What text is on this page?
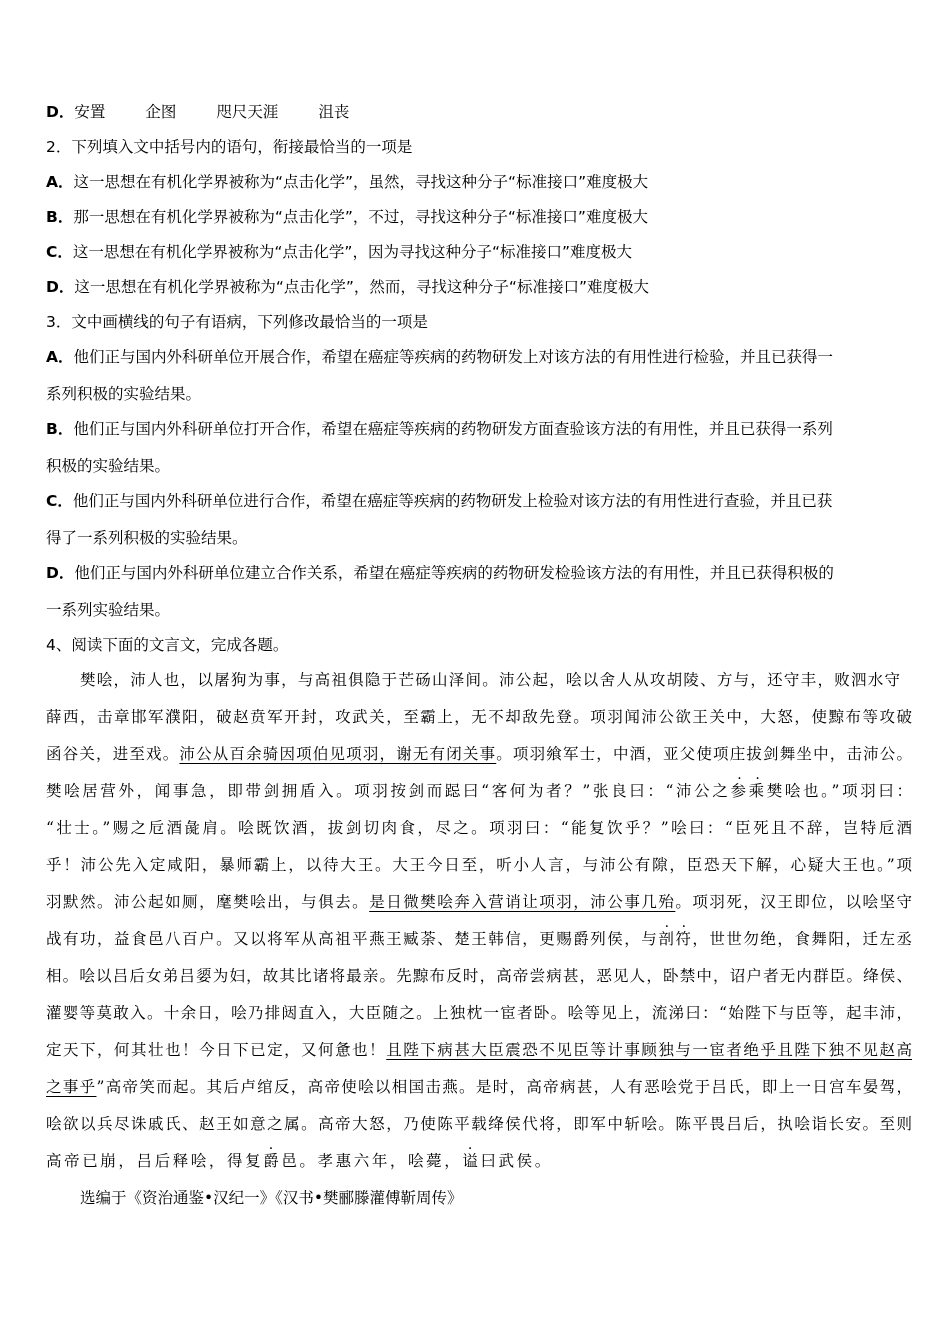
D．安置	企图	咫尺天涯	沮丧
2．下列填入文中括号内的语句，衔接最恰当的一项是
A．这一思想在有机化学界被称为“点击化学”，虽然，寻找这种分子“标准接口”难度极大
B．那一思想在有机化学界被称为“点击化学”，不过，寻找这种分子“标准接口”难度极大
C．这一思想在有机化学界被称为“点击化学”，因为寻找这种分子“标准接口”难度极大
D．这一思想在有机化学界被称为“点击化学”，然而，寻找这种分子“标准接口”难度极大
3．文中画横线的句子有语病，下列修改最恰当的一项是
A．他们正与国内外科研单位开展合作，希望在癌症等疾病的药物研发上对该方法的有用性进行检验，并且已获得一
系列积极的实验结果。
B．他们正与国内外科研单位打开合作，希望在癌症等疾病的药物研发方面查验该方法的有用性，并且已获得一系列
积极的实验结果。
C．他们正与国内外科研单位进行合作，希望在癌症等疾病的药物研发上检验对该方法的有用性进行查验，并且已获
得了一系列积极的实验结果。
D．他们正与国内外科研单位建立合作关系，希望在癌症等疾病的药物研发检验该方法的有用性，并且已获得积极的
一系列实验结果。
4、阅读下面的文言文，完成各题。
樊哙，沛人也，以屠狗为事，与高祖俱隐于芒砀山泽间。沛公起，哙以舍人从攻胡陵、方与，还守丰，败泗水守
薛西，击章邯军濮阳，破赵贲军开封，攻武关，至霸上，无不却敌先登。项羽闻沛公欲王关中，大怒，使黥布等攻破
函谷关，进至戏。沛公从百余骑因项伯见项羽，谢无有闭关事。项羽飨军士，中酒，亚父使项庄拔剑舞坐中，击沛公。
樊哙居营外，闻事急，即带剑拥盾入。项羽按剑而跽曰“客何为者？”张良曰：“沛公之参乘樊哙也。”项羽曰：
“壮士。”赐之卮酒彘肩。哙既饮酒，拔剑切肉食，尽之。项羽曰：“能复饮乎？”哙曰：“臣死且不辞，岂特卮酒
乎！沛公先入定咸阳，暴师霸上，以待大王。大王今日至，听小人言，与沛公有隙，臣恐天下解，心疑大王也。”项
羽默然。沛公起如厕，麾樊哙出，与俱去。是日微樊哙奔入营诮让项羽，沛公事几殆。项羽死，汉王即位，以哙坚守
战有功，益食邑八百户。又以将军从高祖平燕王臧荼、楚王韩信，更赐爵列侯，与剖符，世世勿绝，食舞阳，迁左丞
相。哙以吕后女弟吕媭为妇，故其比诸将最亲。先黥布反时，高帝尝病甚，恶见人，卧禁中，诏户者无内群臣。绛侯、
灌婴等莫敢入。十余日，哙乃排闼直入，大臣随之。上独枕一宦者卧。哙等见上，流涕曰：“始陛下与臣等，起丰沛，
定天下，何其壮也！今日下已定，又何惫也！且陛下病甚大臣震恐不见臣等计事顾独与一宦者绝乎且陛下独不见赵高
之事乎”高帝笑而起。其后卢绾反，高帝使哙以相国击燕。是时，高帝病甚，人有恶哙党于吕氏，即上一日宫车晏驾，
哙欲以兵尽诛戚氏、赵王如意之属。高帝大怒，乃使陈平载绛侯代将，即军中斩哙。陈平畏吕后，执哙诣长安。至则
高帝已崩，吕后释哙，得复爵邑。孝惠六年，哙薨，谥曰武侯。
选编于《资治通鉴•汉纪一》《汉书•樊郦滕灌傅靳周传》
